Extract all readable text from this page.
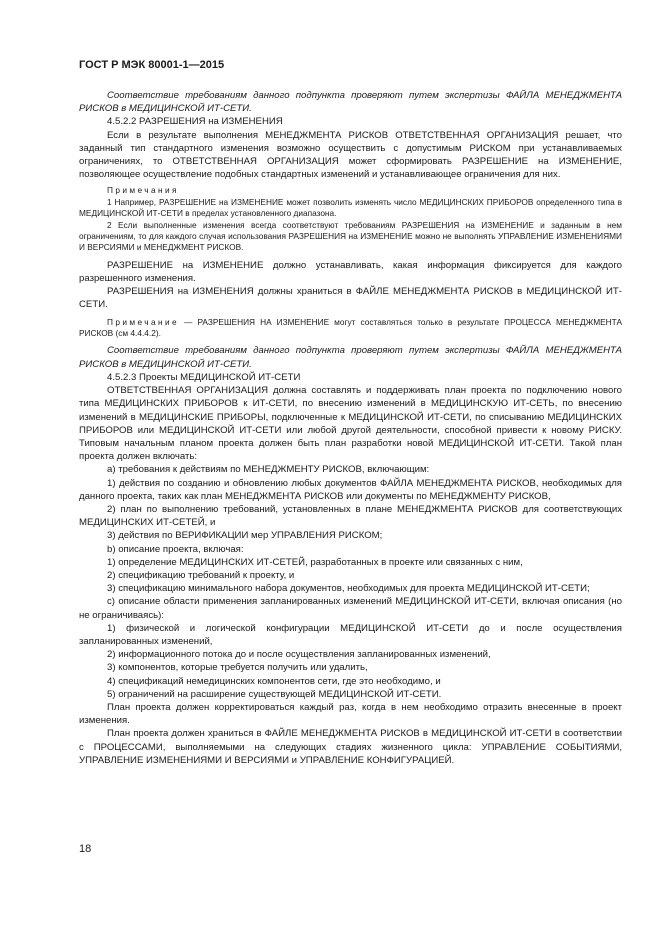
ГОСТ Р МЭК 80001-1—2015

Соответствие требованиям данного подпункта проверяют путем экспертизы ФАЙЛА МЕНЕДЖМЕНТА РИСКОВ в МЕДИЦИНСКОЙ ИТ-СЕТИ.

4.5.2.2 РАЗРЕШЕНИЯ на ИЗМЕНЕНИЯ

Если в результате выполнения МЕНЕДЖМЕНТА РИСКОВ ОТВЕТСТВЕННАЯ ОРГАНИЗАЦИЯ решает, что заданный тип стандартного изменения возможно осуществить с допустимым РИСКОМ при устанавливаемых ограничениях, то ОТВЕТСТВЕННАЯ ОРГАНИЗАЦИЯ может сформировать РАЗРЕШЕНИЕ на ИЗМЕНЕНИЕ, позволяющее осуществление подобных стандартных изменений и устанавливающее ограничения для них.

Примечания

1 Например, РАЗРЕШЕНИЕ на ИЗМЕНЕНИЕ может позволить изменять число МЕДИЦИНСКИХ ПРИБОРОВ определенного типа в МЕДИЦИНСКОЙ ИТ-СЕТИ в пределах установленного диапазона.

2 Если выполненные изменения всегда соответствуют требованиям РАЗРЕШЕНИЯ на ИЗМЕНЕНИЕ и заданным в нем ограничениям, то для каждого случая использования РАЗРЕШЕНИЯ на ИЗМЕНЕНИЕ можно не выполнять УПРАВЛЕНИЕ ИЗМЕНЕНИЯМИ И ВЕРСИЯМИ и МЕНЕДЖМЕНТ РИСКОВ.

РАЗРЕШЕНИЕ на ИЗМЕНЕНИЕ должно устанавливать, какая информация фиксируется для каждого разрешенного изменения.

РАЗРЕШЕНИЯ на ИЗМЕНЕНИЯ должны храниться в ФАЙЛЕ МЕНЕДЖМЕНТА РИСКОВ в МЕДИЦИНСКОЙ ИТ-СЕТИ.

Примечание — РАЗРЕШЕНИЯ НА ИЗМЕНЕНИЕ могут составляться только в результате ПРОЦЕССА МЕНЕДЖМЕНТА РИСКОВ (см 4.4.4.2).

Соответствие требованиям данного подпункта проверяют путем экспертизы ФАЙЛА МЕНЕДЖМЕНТА РИСКОВ в МЕДИЦИНСКОЙ ИТ-СЕТИ.

4.5.2.3 Проекты МЕДИЦИНСКОЙ ИТ-СЕТИ

ОТВЕТСТВЕННАЯ ОРГАНИЗАЦИЯ должна составлять и поддерживать план проекта по подключению нового типа МЕДИЦИНСКИХ ПРИБОРОВ к ИТ-СЕТИ, по внесению изменений в МЕДИЦИНСКУЮ ИТ-СЕТЬ, по внесению изменений в МЕДИЦИНСКИЕ ПРИБОРЫ, подключенные к МЕДИЦИНСКОЙ ИТ-СЕТИ, по списыванию МЕДИЦИНСКИХ ПРИБОРОВ или МЕДИЦИНСКОЙ ИТ-СЕТИ или любой другой деятельности, способной привести к новому РИСКУ. Типовым начальным планом проекта должен быть план разработки новой МЕДИЦИНСКОЙ ИТ-СЕТИ. Такой план проекта должен включать:

а) требования к действиям по МЕНЕДЖМЕНТУ РИСКОВ, включающим:

1) действия по созданию и обновлению любых документов ФАЙЛА МЕНЕДЖМЕНТА РИСКОВ, необходимых для данного проекта, таких как план МЕНЕДЖМЕНТА РИСКОВ или документы по МЕНЕДЖМЕНТУ РИСКОВ,

2) план по выполнению требований, установленных в плане МЕНЕДЖМЕНТА РИСКОВ для соответствующих МЕДИЦИНСКИХ ИТ-СЕТЕЙ, и

3) действия по ВЕРИФИКАЦИИ мер УПРАВЛЕНИЯ РИСКОМ;

b) описание проекта, включая:

1) определение МЕДИЦИНСКИХ ИТ-СЕТЕЙ, разработанных в проекте или связанных с ним,

2) спецификацию требований к проекту, и

3) спецификацию минимального набора документов, необходимых для проекта МЕДИЦИНСКОЙ ИТ-СЕТИ;

с) описание области применения запланированных изменений МЕДИЦИНСКОЙ ИТ-СЕТИ, включая описания (но не ограничиваясь):

1) физической и логической конфигурации МЕДИЦИНСКОЙ ИТ-СЕТИ до и после осуществления запланированных изменений,

2) информационного потока до и после осуществления запланированных изменений,

3) компонентов, которые требуется получить или удалить,

4) спецификаций немедицинских компонентов сети, где это необходимо, и

5) ограничений на расширение существующей МЕДИЦИНСКОЙ ИТ-СЕТИ.

План проекта должен корректироваться каждый раз, когда в нем необходимо отразить внесенные в проект изменения.

План проекта должен храниться в ФАЙЛЕ МЕНЕДЖМЕНТА РИСКОВ в МЕДИЦИНСКОЙ ИТ-СЕТИ в соответствии с ПРОЦЕССАМИ, выполняемыми на следующих стадиях жизненного цикла: УПРАВЛЕНИЕ СОБЫТИЯМИ, УПРАВЛЕНИЕ ИЗМЕНЕНИЯМИ И ВЕРСИЯМИ и УПРАВЛЕНИЕ КОНФИГУРАЦИЕЙ.

18
